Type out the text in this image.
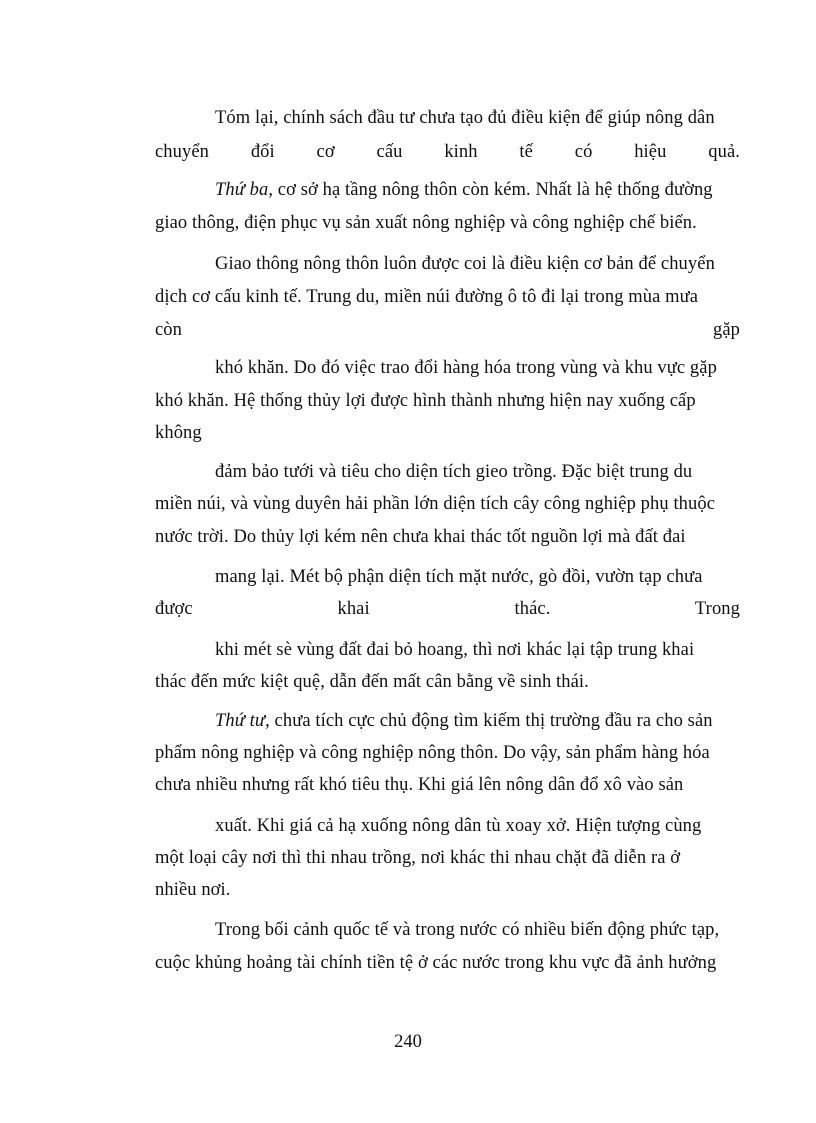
Tóm lại, chính sách đầu tư chưa tạo đủ điều kiện để giúp nông dân
chuyển đổi cơ cấu kinh tế có hiệu quả.
Thứ ba, cơ sở hạ tầng nông thôn còn kém. Nhất là hệ thống đường
giao thông, điện phục vụ sản xuất nông nghiệp và công nghiệp chế biến.
Giao thông nông thôn luôn được coi là điều kiện cơ bản để chuyển
dịch cơ cấu kinh tế. Trung du, miền núi đường ô tô đi lại trong mùa mưa
còn gặp
khó khăn. Do đó việc trao đổi hàng hóa trong vùng và khu vực gặp
khó khăn. Hệ thống thủy lợi được hình thành nhưng hiện nay xuống cấp
không
đảm bảo tưới và tiêu cho diện tích gieo trồng. Đặc biệt trung du
miền núi, và vùng duyên hải phần lớn diện tích cây công nghiệp phụ thuộc
nước trời. Do thủy lợi kém nên chưa khai thác tốt nguồn lợi mà đất đai
mang lại. Mét bộ phận diện tích mặt nước, gò đồi, vườn tạp chưa
được khai thác. Trong
khi mét sè vùng đất đai bỏ hoang, thì nơi khác lại tập trung khai
thác đến mức kiệt quệ, dẫn đến mất cân bằng về sinh thái.
Thứ tư, chưa tích cực chủ động tìm kiếm thị trường đầu ra cho sản
phẩm nông nghiệp và công nghiệp nông thôn. Do vậy, sản phẩm hàng hóa
chưa nhiều nhưng rất khó tiêu thụ. Khi giá lên nông dân đổ xô vào sản
xuất. Khi giá cả hạ xuống nông dân tù xoay xở. Hiện tượng cùng
một loại cây nơi thì thi nhau trồng, nơi khác thi nhau chặt đã diễn ra ở
nhiều nơi.
Trong bối cảnh quốc tế và trong nước có nhiều biến động phức tạp,
cuộc khủng hoảng tài chính tiền tệ ở các nước trong khu vực đã ảnh hưởng
240
